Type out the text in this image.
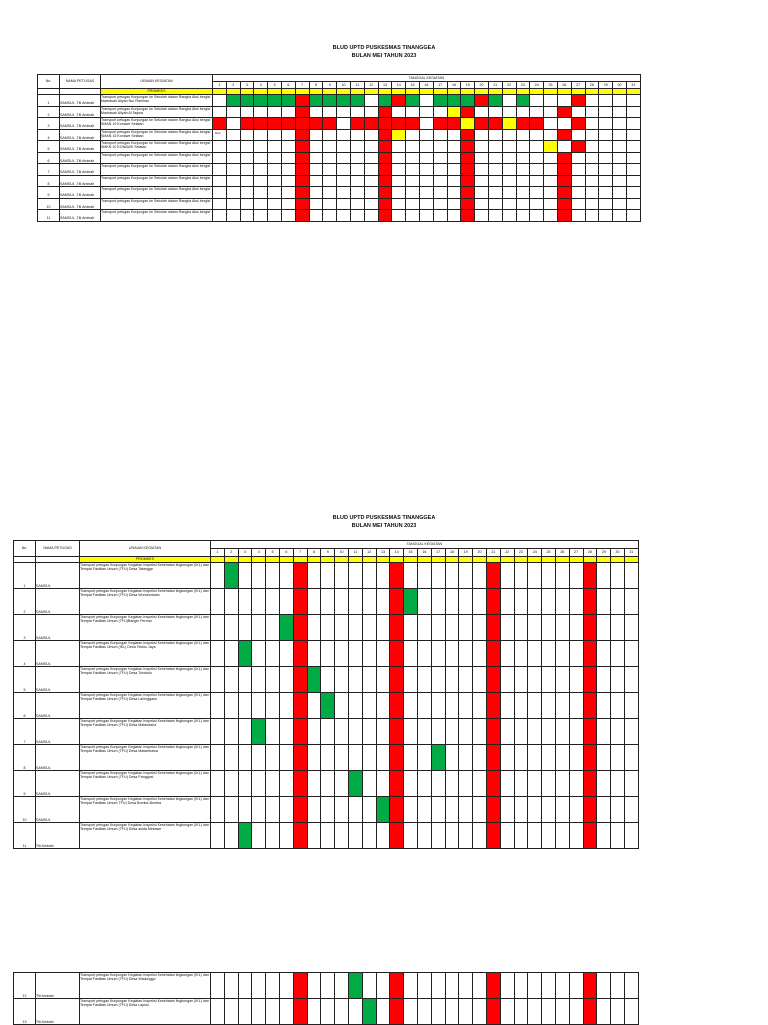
BLUD UPTD PUSKESMAS TINANGGEA
BULAN MEI TAHUN 2023
No.	NAMA PETUGAS	URAIAN KEGIATAN	TANGGAL KEGIATAN																														
			1	2	3	4	5	6	7	8	9	10	11	12	13	14	15	16	17	18	19	20	21	22	23	24	25	26	27	28	29	30	31
		PROMKES																															
1	SAMSUL ,Titi Aminah	Transport petugas Kunjungan ke Sekolah dalam Rangka Aksi bergizi Madrasah Aliyah Nur Rahman																															
2	SAMSUL ,Titi Aminah	Transport petugas Kunjungan ke Sekolah dalam Rangka Aksi bergizi Madrasah Aliyah Al Taqwa																															
3	SAMSUL ,Titi Aminah	Transport petugas Kunjungan ke Sekolah dalam Rangka Aksi bergizi SMAN 19 Konawe Selatan																															
4	SAMSUL ,Titi Aminah	Transport petugas Kunjungan ke Sekolah dalam Rangka Aksi bergizi SMAN 15 Konawe Selatan																															
5	SAMSUL ,Titi Aminah	Transport petugas Kunjungan ke Sekolah dalam Rangka Aksi bergizi SMKN 10 KONAWE Selatan																															
6	SAMSUL ,Titi Aminah	Transport petugas Kunjungan ke Sekolah dalam Rangka Aksi bergizi																															
7	SAMSUL ,Titi Aminah	Transport petugas Kunjungan ke Sekolah dalam Rangka Aksi bergizi																															
8	SAMSUL ,Titi Aminah	Transport petugas Kunjungan ke Sekolah dalam Rangka Aksi bergizi																															
9	SAMSUL ,Titi Aminah	Transport petugas Kunjungan ke Sekolah dalam Rangka Aksi bergizi																															
10	SAMSUL ,Titi Aminah	Transport petugas Kunjungan ke Sekolah dalam Rangka Aksi bergizi																															
11	SAMSUL ,Titi Aminah	Transport petugas Kunjungan ke Sekolah dalam Rangka Aksi bergizi																															
libur
BLUD UPTD PUSKESMAS TINANGGEA
BULAN MEI TAHUN 2023
No.	NAMA PETUGAS	URAIAN KEGIATAN	TANGGAL KEGIATAN																														
			1	2	3	4	5	6	7	8	9	10	11	12	13	14	15	16	17	18	19	20	21	22	23	24	25	26	27	28	29	30	31
		PROMKES																															
1	SAMSUL	Transport petugas Kunjungan Kegiatan Inspeksi Kesehatan lingkungan (IKL) dan Tempat Fasilitas Umum (TFU) Desa Tatangge																															
2	SAMSUL	Transport petugas Kunjungan Kegiatan Inspeksi Kesehatan lingkungan (IKL) dan Tempat Fasilitas Umum (TFU) Desa Wundumbatu																															
3	SAMSUL	Transport petugas Kunjungan Kegiatan Inspeksi Kesehatan lingkungan (IKL) dan Tempat Fasilitas Umum (TFU)Bangin Permai																															
4	SAMSUL	Transport petugas Kunjungan Kegiatan Inspeksi Kesehatan lingkungan (IKL) dan Tempat Fasilitas Umum (IKL) Desa Teluku Jaya																															
5	SAMSUL	Transport petugas Kunjungan Kegiatan Inspeksi Kesehatan lingkungan (IKL) dan Tempat Fasilitas Umum (TFU) Desa Torobulu																															
6	SAMSUL	Transport petugas Kunjungan Kegiatan Inspeksi Kesehatan lingkungan (IKL) dan Tempat Fasilitas Umum (TFU) Desa Lalonggasu																															
7	SAMSUL	Transport petugas Kunjungan Kegiatan Inspeksi Kesehatan lingkungan (IKL) dan Tempat Fasilitas Umum (TFU) Desa Matandaha																															
8	SAMSUL	Transport petugas Kunjungan Kegiatan Inspeksi Kesehatan lingkungan (IKL) dan Tempat Fasilitas Umum (TFU) Desa Matambawa																															
9	SAMSUL	Transport petugas Kunjungan Kegiatan Inspeksi Kesehatan lingkungan (IKL) dan Tempat Fasilitas Umum (TFU) Desa Panggosi																															
10	SAMSUL	Transport petugas Kunjungan Kegiatan Inspeksi Kesehatan lingkungan (IKL) dan Tempat Fasilitas Umum TFU) Desa Bomba-Bomba																															
11	Titi Aminah	Transport petugas Kunjungan Kegiatan Inspeksi Kesehatan lingkungan (IKL) dan Tempat Fasilitas Umum (TFU) Desa asida Mekawe																															
12	Titi Aminah	Transport petugas Kunjungan Kegiatan Inspeksi Kesehatan lingkungan (IKL) dan Tempat Fasilitas Umum (TFU) Desa Wadonggo																															
13	Titi Aminah	Transport petugas Kunjungan Kegiatan Inspeksi Kesehatan lingkungan (IKL) dan Tempat Fasilitas Umum (TFU) Desa Lapulu																															
